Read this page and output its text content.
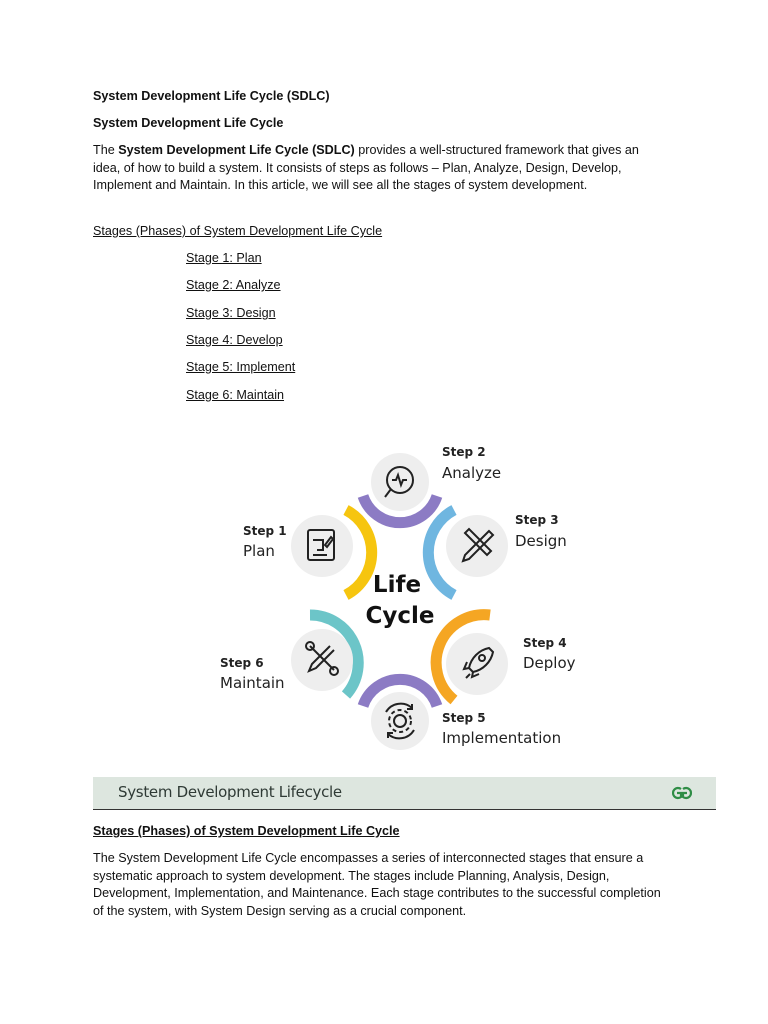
System Development Life Cycle (SDLC)
System Development Life Cycle
The System Development Life Cycle (SDLC) provides a well-structured framework that gives an idea, of how to build a system. It consists of steps as follows – Plan, Analyze, Design, Develop, Implement and Maintain. In this article, we will see all the stages of system development.
Stages (Phases) of System Development Life Cycle
Stage 1: Plan
Stage 2: Analyze
Stage 3: Design
Stage 4: Develop
Stage 5: Implement
Stage 6: Maintain
Life
Cycle
Step 1
Plan
Step 2
Analyze
Step 3
Design
Step 4
Deploy
Step 5
Implementation
Step 6
Maintain
System Development Lifecycle
Stages (Phases) of System Development Life Cycle
The System Development Life Cycle encompasses a series of interconnected stages that ensure a systematic approach to system development. The stages include Planning, Analysis, Design, Development, Implementation, and Maintenance. Each stage contributes to the successful completion of the system, with System Design serving as a crucial component.
